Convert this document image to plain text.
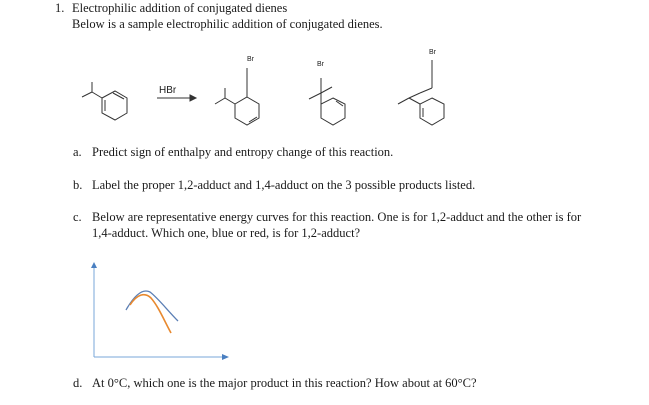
1. Electrophilic addition of conjugated dienes
Below is a sample electrophilic addition of conjugated dienes.
HBr
Br
Br
Br
a. Predict sign of enthalpy and entropy change of this reaction.
b. Label the proper 1,2-adduct and 1,4-adduct on the 3 possible products listed.
c. Below are representative energy curves for this reaction. One is for 1,2-adduct and the other is for
1,4-adduct. Which one, blue or red, is for 1,2-adduct?
d. At 0°C, which one is the major product in this reaction? How about at 60°C?
